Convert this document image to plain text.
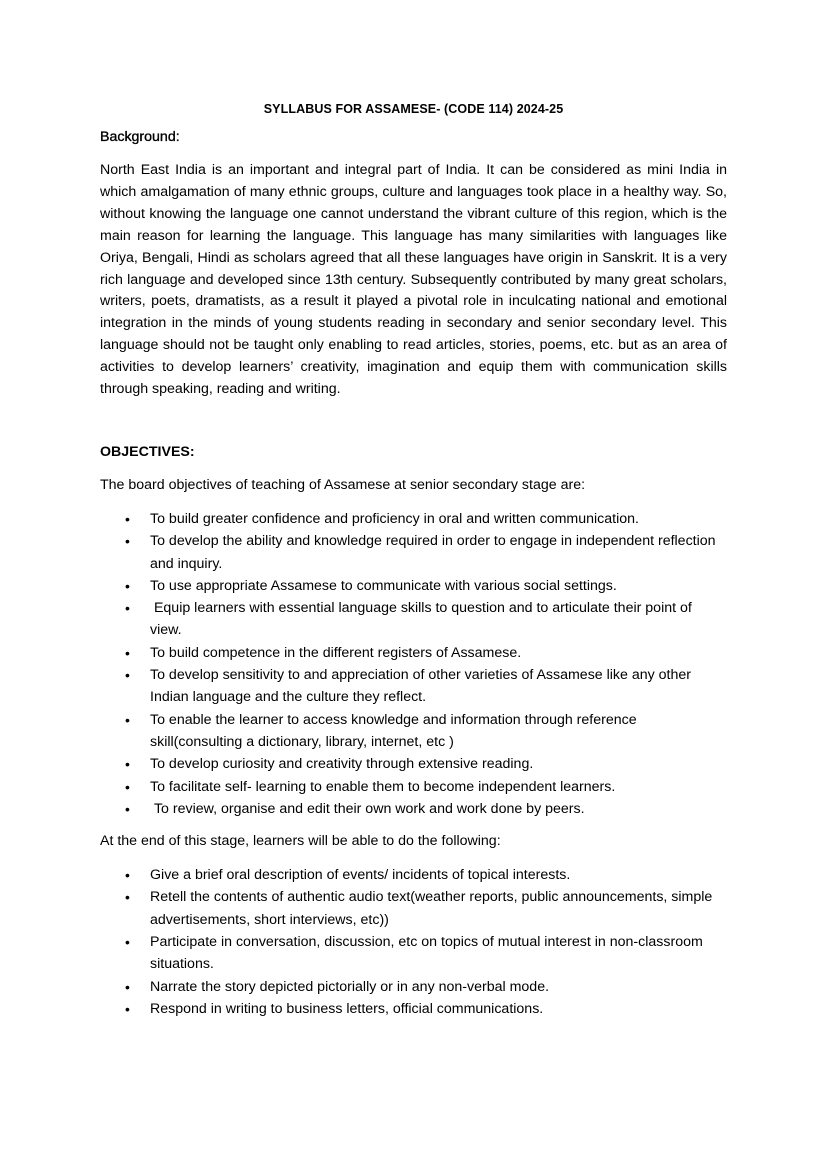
SYLLABUS FOR ASSAMESE- (CODE 114) 2024-25
Background:

North East India is an important and integral part of India. It can be considered as mini India in which amalgamation of many ethnic groups, culture and languages took place in a healthy way. So, without knowing the language one cannot understand the vibrant culture of this region, which is the main reason for learning the language. This language has many similarities with languages like Oriya, Bengali, Hindi as scholars agreed that all these languages have origin in Sanskrit. It is a very rich language and developed since 13th century. Subsequently contributed by many great scholars, writers, poets, dramatists, as a result it played a pivotal role in inculcating national and emotional integration in the minds of young students reading in secondary and senior secondary level. This language should not be taught only enabling to read articles, stories, poems, etc. but as an area of activities to develop learners’ creativity, imagination and equip them with communication skills through speaking, reading and writing.

OBJECTIVES:
The board objectives of teaching of Assamese at senior secondary stage are:
• To build greater confidence and proficiency in oral and written communication.
• To develop the ability and knowledge required in order to engage in independent reflection and inquiry.
• To use appropriate Assamese to communicate with various social settings.
• Equip learners with essential language skills to question and to articulate their point of view.
• To build competence in the different registers of Assamese.
• To develop sensitivity to and appreciation of other varieties of Assamese like any other Indian language and the culture they reflect.
• To enable the learner to access knowledge and information through reference skill(consulting a dictionary, library, internet, etc )
• To develop curiosity and creativity through extensive reading.
• To facilitate self- learning to enable them to become independent learners.
• To review, organise and edit their own work and work done by peers.
At the end of this stage, learners will be able to do the following:
• Give a brief oral description of events/ incidents of topical interests.
• Retell the contents of authentic audio text(weather reports, public announcements, simple advertisements, short interviews, etc))
• Participate in conversation, discussion, etc on topics of mutual interest in non-classroom situations.
• Narrate the story depicted pictorially or in any non-verbal mode.
• Respond in writing to business letters, official communications.
